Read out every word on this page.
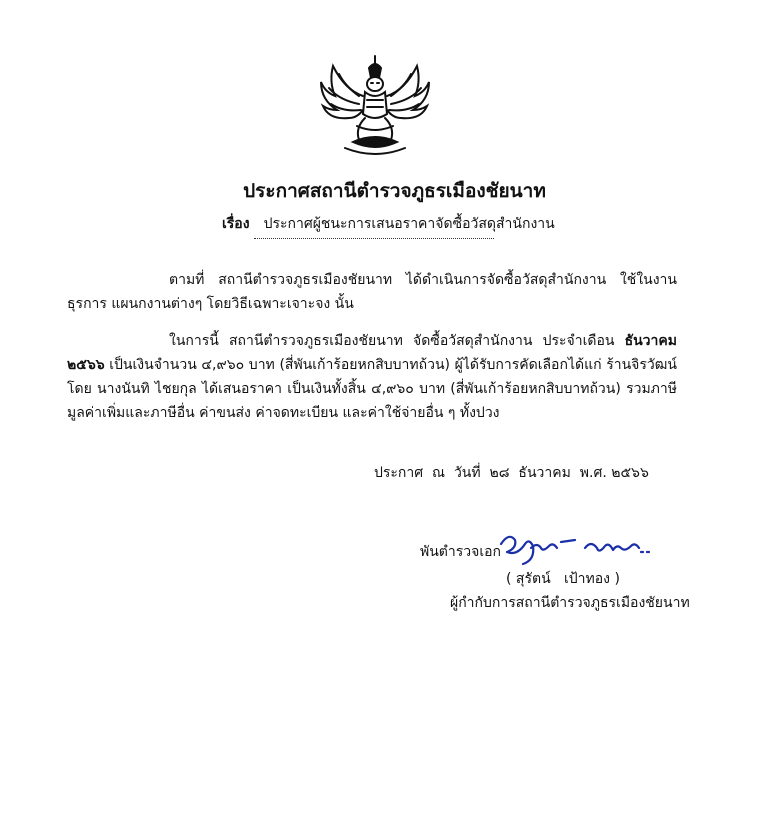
ประกาศสถานีตำรวจภูธรเมืองชัยนาท
เรื่อง ประกาศผู้ชนะการเสนอราคาจัดซื้อวัสดุสำนักงาน
ตามที่ สถานีตำรวจภูธรเมืองชัยนาท ได้ดำเนินการจัดซื้อวัสดุสำนักงาน ใช้ในงานธุรการ แผนกงานต่างๆ โดยวิธีเฉพาะเจาะจง นั้น
ในการนี้ สถานีตำรวจภูธรเมืองชัยนาท จัดซื้อวัสดุสำนักงาน ประจำเดือน ธันวาคม ๒๕๖๖ เป็นเงินจำนวน ๔,๙๖๐ บาท (สี่พันเก้าร้อยหกสิบบาทถ้วน) ผู้ได้รับการคัดเลือกได้แก่ ร้านจิรวัฒน์ โดย นางนันทิ ไชยกุล ได้เสนอราคา เป็นเงินทั้งสิ้น ๔,๙๖๐ บาท (สี่พันเก้าร้อยหกสิบบาทถ้วน) รวมภาษีมูลค่าเพิ่มและภาษีอื่น ค่าขนส่ง ค่าจดทะเบียน และค่าใช้จ่ายอื่น ๆ ทั้งปวง
ประกาศ  ณ  วันที่  ๒๘  ธันวาคม  พ.ศ. ๒๕๖๖
พันตำรวจเอก
( สุรัตน์   เป้าทอง )
ผู้กำกับการสถานีตำรวจภูธรเมืองชัยนาท
